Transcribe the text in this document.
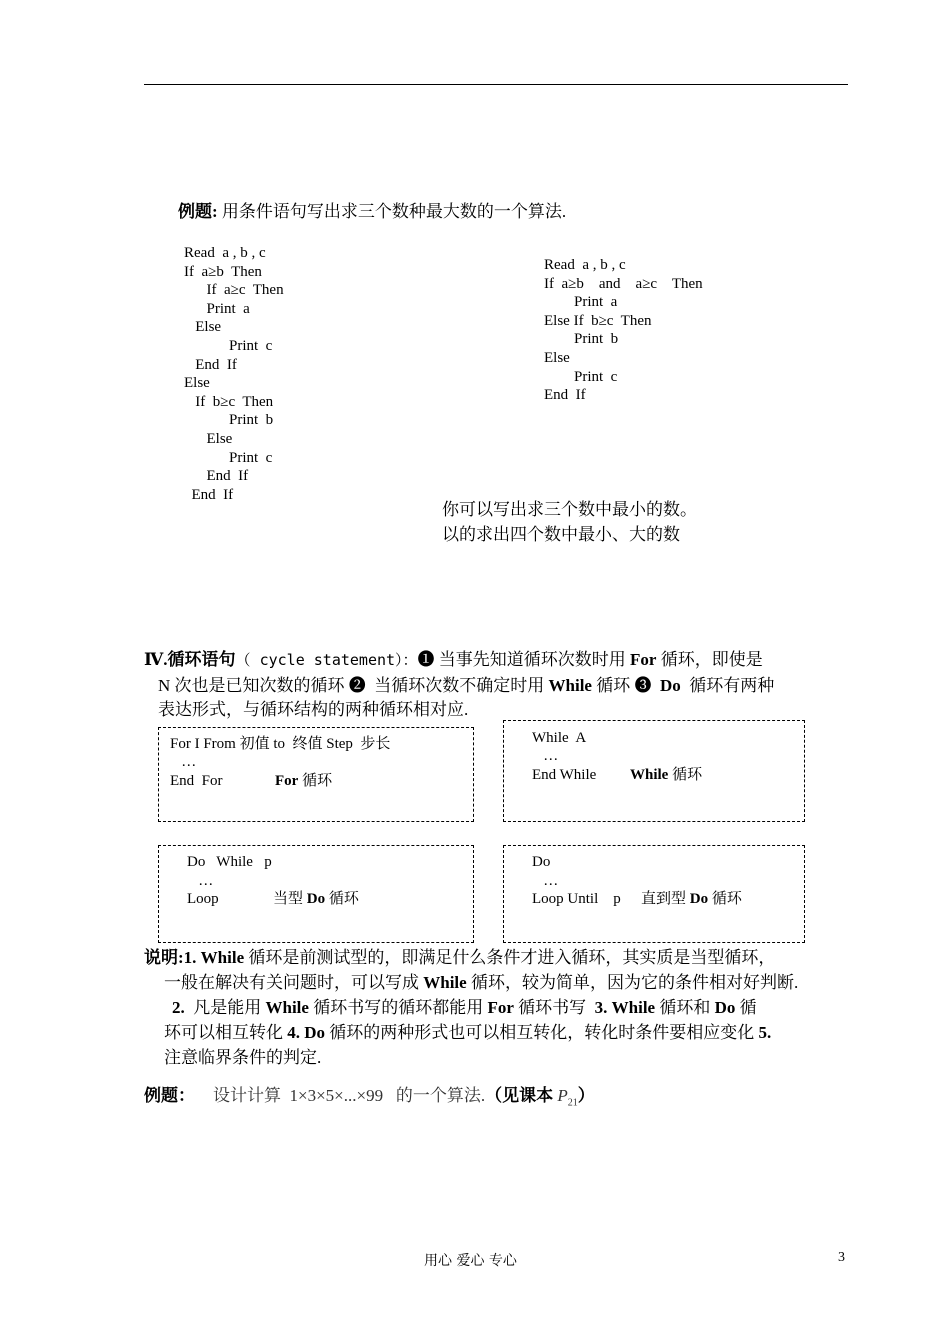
例题: 用条件语句写出求三个数种最大数的一个算法.
Read  a , b , c
If  a≥b  Then
If  a≥c  Then
Print  a
Else
Print  c
End  If
Else
If  b≥c  Then
Print  b
Else
Print  c
End  If
End  If
Read  a , b , c
If  a≥b    and    a≥c    Then
Print  a
Else If  b≥c  Then
Print  b
Else
Print  c
End  If
你可以写出求三个数中最小的数。
以的求出四个数中最小、大的数
Ⅳ.循环语句（ cycle statement）：❶ 当事先知道循环次数时用 For 循环，即使是
N 次也是已知次数的循环 ❷  当循环次数不确定时用 While 循环 ❸ Do  循环有两种
表达形式，与循环结构的两种循环相对应.
For I From 初值 to  终值 Step  步长
…
End  For	For 循环
While  A
…
End While While 循环
Do   While   p
…
Loop	当型 Do 循环
Do
…
Loop Until    p 直到型 Do 循环
说明:1. While 循环是前测试型的，即满足什么条件才进入循环，其实质是当型循环，
一般在解决有关问题时，可以写成 While 循环，较为简单，因为它的条件相对好判断.
2.  凡是能用 While 循环书写的循环都能用 For 循环书写  3. While 循环和 Do 循
环可以相互转化 4. Do 循环的两种形式也可以相互转化，转化时条件要相应变化 5.
注意临界条件的判定.
例题： 设计计算  1×3×5×...×99   的一个算法.（见课本 $P_{21}$）
用心 爱心 专心	3
